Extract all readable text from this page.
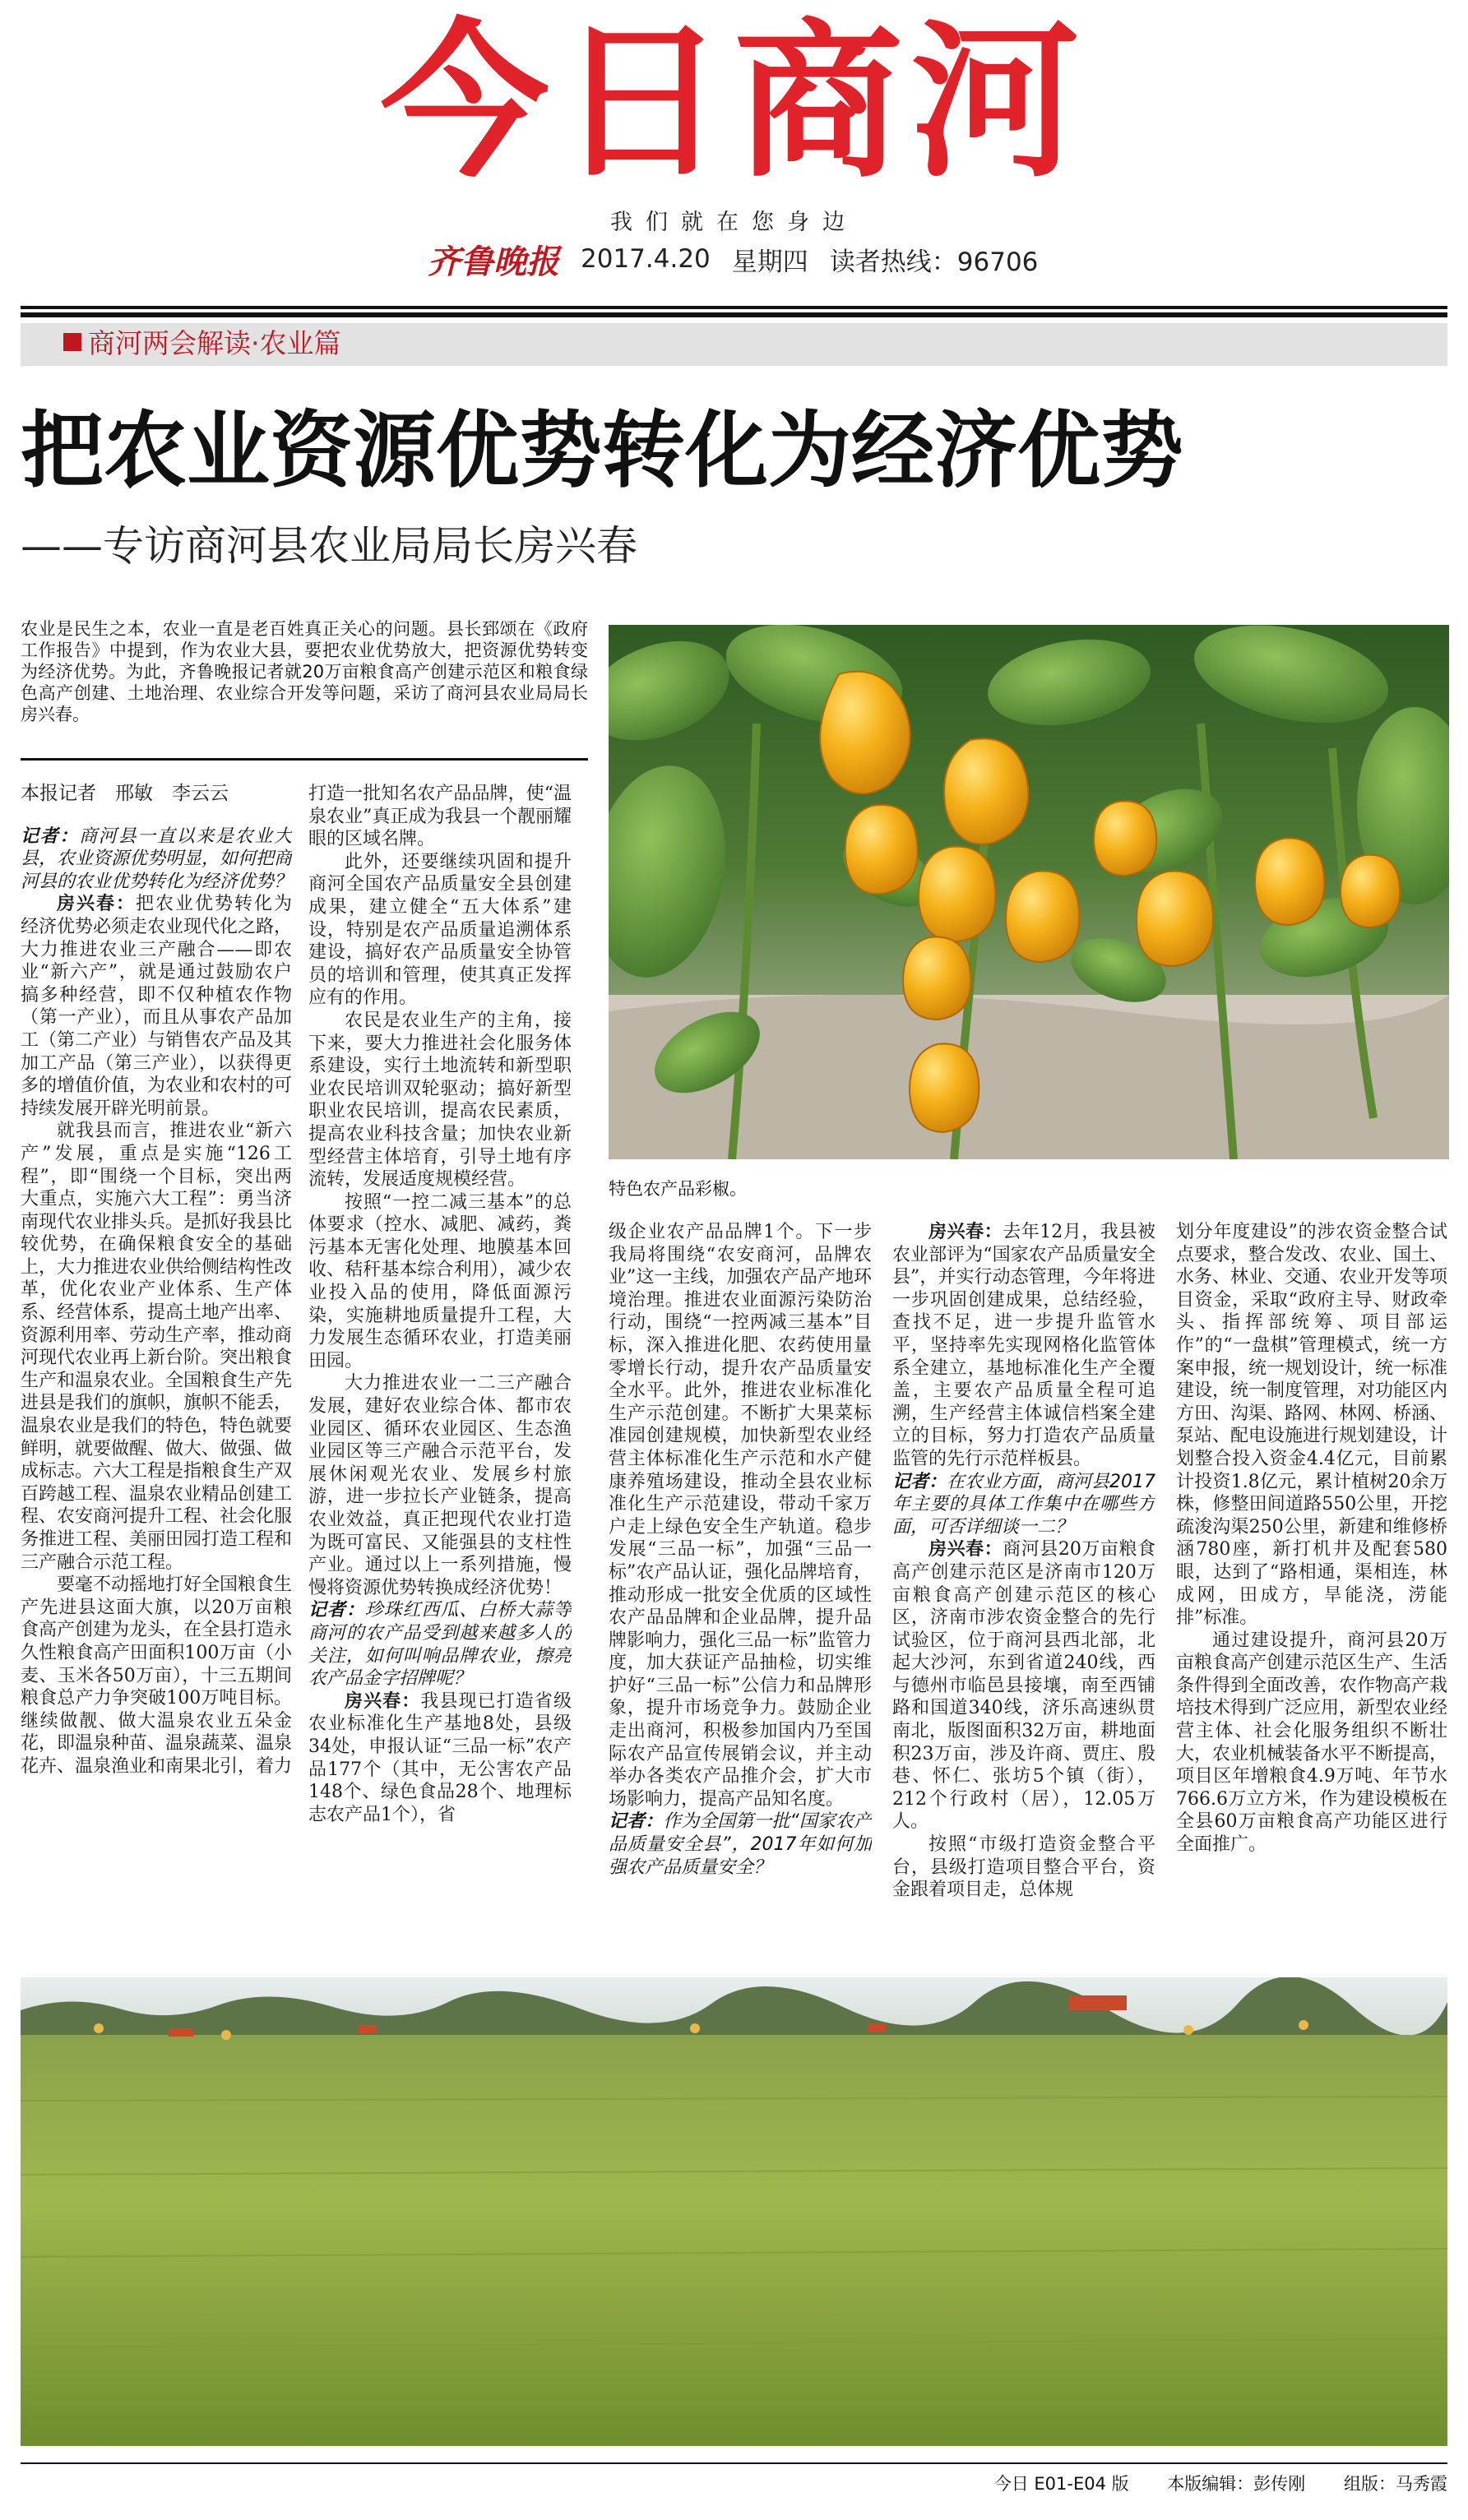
今日商河
我们就在您身边
齐鲁晚报 2017.4.20 星期四 读者热线：96706
商河两会解读·农业篇
把农业资源优势转化为经济优势
——专访商河县农业局局长房兴春
农业是民生之本，农业一直是老百姓真正关心的问题。县长郅颂在《政府工作报告》中提到，作为农业大县，要把农业优势放大，把资源优势转变为经济优势。为此，齐鲁晚报记者就20万亩粮食高产创建示范区和粮食绿色高产创建、土地治理、农业综合开发等问题，采访了商河县农业局局长房兴春。
特色农产品彩椒。

本报记者　邢敏　李云云

记者：商河县一直以来是农业大县，农业资源优势明显，如何把商河县的农业优势转化为经济优势？

房兴春：把农业优势转化为经济优势必须走农业现代化之路，大力推进农业三产融合——即农业“新六产”，就是通过鼓励农户搞多种经营，即不仅种植农作物（第一产业），而且从事农产品加工（第二产业）与销售农产品及其加工产品（第三产业），以获得更多的增值价值，为农业和农村的可持续发展开辟光明前景。

就我县而言，推进农业“新六产”发展，重点是实施“126工程”，即“围绕一个目标，突出两大重点，实施六大工程”：勇当济南现代农业排头兵。是抓好我县比较优势，在确保粮食安全的基础上，大力推进农业供给侧结构性改革，优化农业产业体系、生产体系、经营体系，提高土地产出率、资源利用率、劳动生产率，推动商河现代农业再上新台阶。突出粮食生产和温泉农业。全国粮食生产先进县是我们的旗帜，旗帜不能丢，温泉农业是我们的特色，特色就要鲜明，就要做醒、做大、做强、做成标志。六大工程是指粮食生产双百跨越工程、温泉农业精品创建工程、农安商河提升工程、社会化服务推进工程、美丽田园打造工程和三产融合示范工程。

要毫不动摇地打好全国粮食生产先进县这面大旗，以20万亩粮食高产创建为龙头，在全县打造永久性粮食高产田面积100万亩（小麦、玉米各50万亩），十三五期间粮食总产力争突破100万吨目标。继续做靓、做大温泉农业五朵金花，即温泉种苗、温泉蔬菜、温泉花卉、温泉渔业和南果北引，着力

打造一批知名农产品品牌，使“温泉农业”真正成为我县一个靓丽耀眼的区域名牌。

此外，还要继续巩固和提升商河全国农产品质量安全县创建成果，建立健全“五大体系”建设，特别是农产品质量追溯体系建设，搞好农产品质量安全协管员的培训和管理，使其真正发挥应有的作用。

农民是农业生产的主角，接下来，要大力推进社会化服务体系建设，实行土地流转和新型职业农民培训双轮驱动；搞好新型职业农民培训，提高农民素质，提高农业科技含量；加快农业新型经营主体培育，引导土地有序流转，发展适度规模经营。

按照“一控二减三基本”的总体要求（控水、减肥、减药，粪污基本无害化处理、地膜基本回收、秸秆基本综合利用），减少农业投入品的使用，降低面源污染，实施耕地质量提升工程，大力发展生态循环农业，打造美丽田园。

大力推进农业一二三产融合发展，建好农业综合体、都市农业园区、循环农业园区、生态渔业园区等三产融合示范平台，发展休闲观光农业、发展乡村旅游，进一步拉长产业链条，提高农业效益，真正把现代农业打造为既可富民、又能强县的支柱性产业。通过以上一系列措施，慢慢将资源优势转换成经济优势！

记者：珍珠红西瓜、白桥大蒜等商河的农产品受到越来越多人的关注，如何叫响品牌农业，擦亮农产品金字招牌呢？

房兴春：我县现已打造省级农业标准化生产基地8处，县级34处，申报认证“三品一标”农产品177个（其中，无公害农产品148个、绿色食品28个、地理标志农产品1个），省

级企业农产品品牌1个。下一步我局将围绕“农安商河，品牌农业”这一主线，加强农产品产地环境治理。推进农业面源污染防治行动，围绕“一控两减三基本”目标，深入推进化肥、农药使用量零增长行动，提升农产品质量安全水平。此外，推进农业标准化生产示范创建。不断扩大果菜标准园创建规模，加快新型农业经营主体标准化生产示范和水产健康养殖场建设，推动全县农业标准化生产示范建设，带动千家万户走上绿色安全生产轨道。稳步发展“三品一标”，加强“三品一标”农产品认证，强化品牌培育，推动形成一批安全优质的区域性农产品品牌和企业品牌，提升品牌影响力，强化三品一标”监管力度，加大获证产品抽检，切实维护好“三品一标”公信力和品牌形象，提升市场竞争力。鼓励企业走出商河，积极参加国内乃至国际农产品宣传展销会议，并主动举办各类农产品推介会，扩大市场影响力，提高产品知名度。

记者：作为全国第一批“国家农产品质量安全县”，2017年如何加强农产品质量安全？

房兴春：去年12月，我县被农业部评为“国家农产品质量安全县”，并实行动态管理，今年将进一步巩固创建成果，总结经验，查找不足，进一步提升监管水平，坚持率先实现网格化监管体系全建立，基地标准化生产全覆盖，主要农产品质量全程可追溯，生产经营主体诚信档案全建立的目标，努力打造农产品质量监管的先行示范样板县。

记者：在农业方面，商河县2017年主要的具体工作集中在哪些方面，可否详细谈一二？

房兴春：商河县20万亩粮食高产创建示范区是济南市120万亩粮食高产创建示范区的核心区，济南市涉农资金整合的先行试验区，位于商河县西北部，北起大沙河，东到省道240线，西与德州市临邑县接壤，南至西铺路和国道340线，济乐高速纵贯南北，版图面积32万亩，耕地面积23万亩，涉及许商、贾庄、殷巷、怀仁、张坊5个镇（街），212个行政村（居），12.05万人。

按照“市级打造资金整合平台，县级打造项目整合平台，资金跟着项目走，总体规

划分年度建设”的涉农资金整合试点要求，整合发改、农业、国土、水务、林业、交通、农业开发等项目资金，采取“政府主导、财政牵头、指挥部统筹、项目部运作”的“一盘棋”管理模式，统一方案申报，统一规划设计，统一标准建设，统一制度管理，对功能区内方田、沟渠、路网、林网、桥涵、泵站、配电设施进行规划建设，计划整合投入资金4.4亿元，目前累计投资1.8亿元，累计植树20余万株，修整田间道路550公里，开挖疏浚沟渠250公里，新建和维修桥涵780座，新打机井及配套580眼，达到了“路相通，渠相连，林成网，田成方，旱能浇，涝能排”标准。

通过建设提升，商河县20万亩粮食高产创建示范区生产、生活条件得到全面改善，农作物高产栽培技术得到广泛应用，新型农业经营主体、社会化服务组织不断壮大，农业机械装备水平不断提高，项目区年增粮食4.9万吨、年节水766.6万立方米，作为建设模板在全县60万亩粮食高产功能区进行全面推广。

今日 E01-E04 版 本版编辑：彭传刚 组版：马秀霞
